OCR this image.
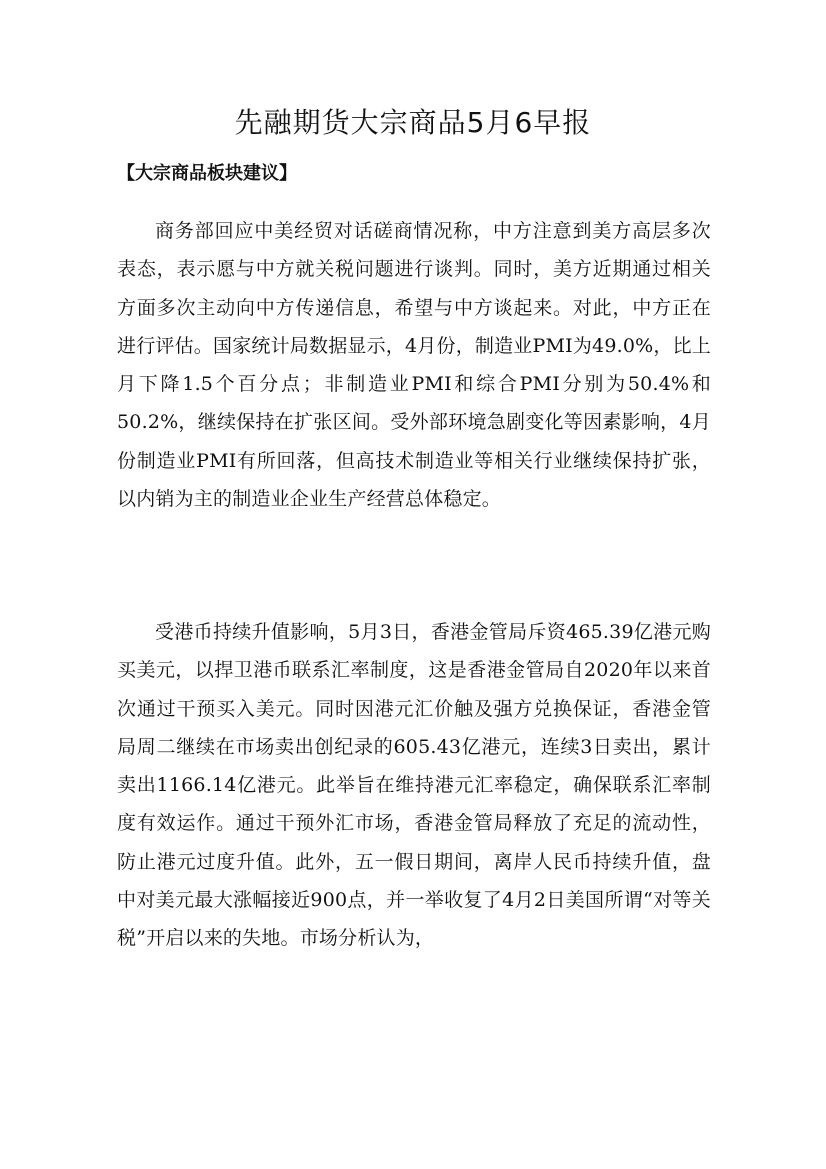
先融期货大宗商品5月6早报
【大宗商品板块建议】

商务部回应中美经贸对话磋商情况称，中方注意到美方高层多次表态，表示愿与中方就关税问题进行谈判。同时，美方近期通过相关方面多次主动向中方传递信息，希望与中方谈起来。对此，中方正在进行评估。国家统计局数据显示，4月份，制造业PMI为49.0%，比上月下降1.5个百分点；非制造业PMI和综合PMI分别为50.4%和50.2%，继续保持在扩张区间。受外部环境急剧变化等因素影响，4月份制造业PMI有所回落，但高技术制造业等相关行业继续保持扩张，以内销为主的制造业企业生产经营总体稳定。

受港币持续升值影响，5月3日，香港金管局斥资465.39亿港元购买美元，以捍卫港币联系汇率制度，这是香港金管局自2020年以来首次通过干预买入美元。同时因港元汇价触及强方兑换保证，香港金管局周二继续在市场卖出创纪录的605.43亿港元，连续3日卖出，累计卖出1166.14亿港元。此举旨在维持港元汇率稳定，确保联系汇率制度有效运作。通过干预外汇市场，香港金管局释放了充足的流动性，防止港元过度升值。此外，五一假日期间，离岸人民币持续升值，盘中对美元最大涨幅接近900点，并一举收复了4月2日美国所谓“对等关税”开启以来的失地。市场分析认为，
